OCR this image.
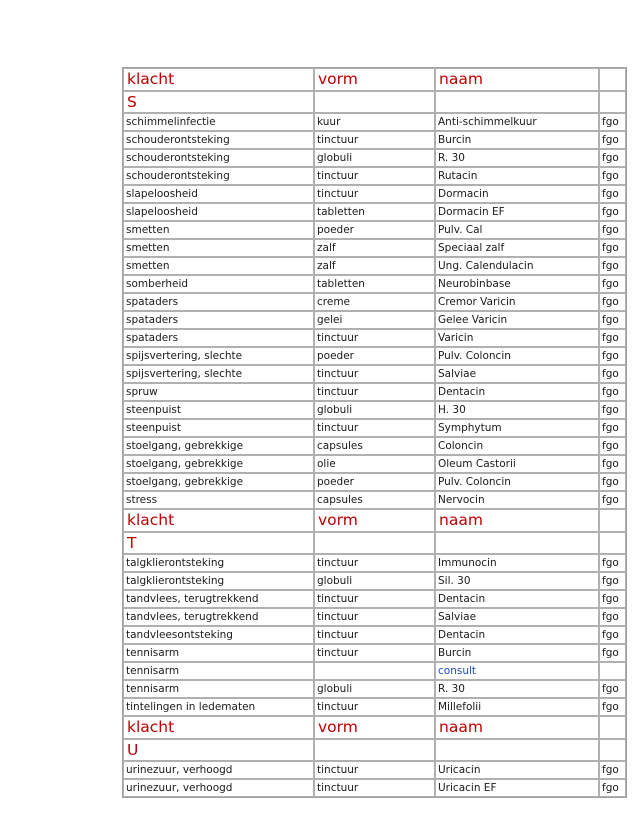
klacht	vorm	naam	
S			
schimmelinfectie	kuur	Anti-schimmelkuur	fgo
schouderontsteking	tinctuur	Burcin	fgo
schouderontsteking	globuli	R. 30	fgo
schouderontsteking	tinctuur	Rutacin	fgo
slapeloosheid	tinctuur	Dormacin	fgo
slapeloosheid	tabletten	Dormacin EF	fgo
smetten	poeder	Pulv. Cal	fgo
smetten	zalf	Speciaal zalf	fgo
smetten	zalf	Ung. Calendulacin	fgo
somberheid	tabletten	Neurobinbase	fgo
spataders	creme	Cremor Varicin	fgo
spataders	gelei	Gelee Varicin	fgo
spataders	tinctuur	Varicin	fgo
spijsvertering, slechte	poeder	Pulv. Coloncin	fgo
spijsvertering, slechte	tinctuur	Salviae	fgo
spruw	tinctuur	Dentacin	fgo
steenpuist	globuli	H. 30	fgo
steenpuist	tinctuur	Symphytum	fgo
stoelgang, gebrekkige	capsules	Coloncin	fgo
stoelgang, gebrekkige	olie	Oleum Castorii	fgo
stoelgang, gebrekkige	poeder	Pulv. Coloncin	fgo
stress	capsules	Nervocin	fgo
klacht	vorm	naam	
T			
talgklierontsteking	tinctuur	Immunocin	fgo
talgklierontsteking	globuli	Sil. 30	fgo
tandvlees, terugtrekkend	tinctuur	Dentacin	fgo
tandvlees, terugtrekkend	tinctuur	Salviae	fgo
tandvleesontsteking	tinctuur	Dentacin	fgo
tennisarm	tinctuur	Burcin	fgo
tennisarm		consult	
tennisarm	globuli	R. 30	fgo
tintelingen in ledematen	tinctuur	Millefolii	fgo
klacht	vorm	naam	
U			
urinezuur, verhoogd	tinctuur	Uricacin	fgo
urinezuur, verhoogd	tinctuur	Uricacin EF	fgo
